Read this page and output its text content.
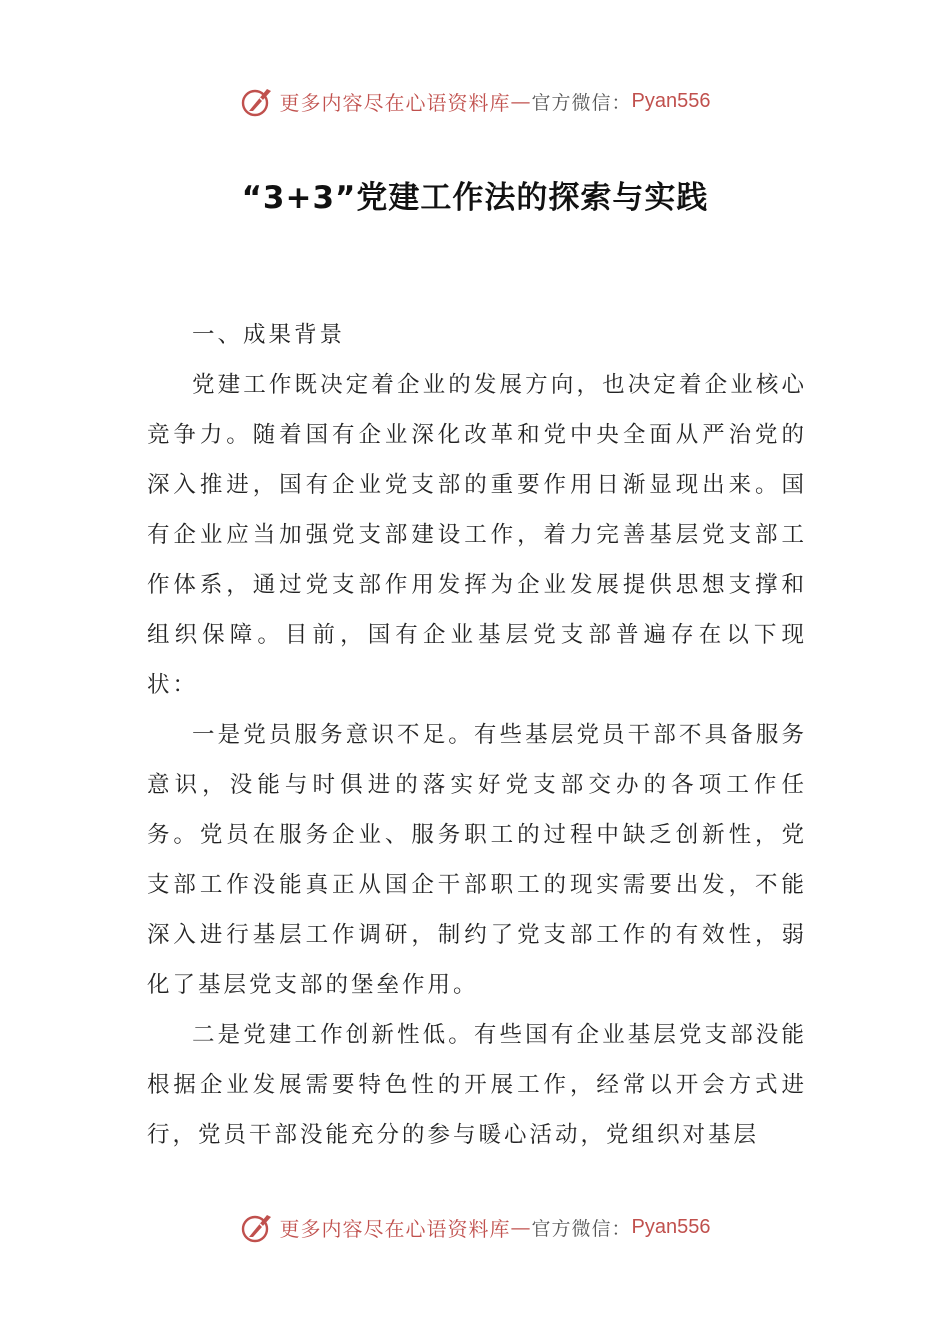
更多内容尽在心语资料库 — 官方微信： Pyan556
“3+3”党建工作法的探索与实践

一、成果背景

党建工作既决定着企业的发展方向，也决定着企业核心竞争力。随着国有企业深化改革和党中央全面从严治党的深入推进，国有企业党支部的重要作用日渐显现出来。国有企业应当加强党支部建设工作，着力完善基层党支部工作体系，通过党支部作用发挥为企业发展提供思想支撑和组织保障。目前，国有企业基层党支部普遍存在以下现状：

一是党员服务意识不足。有些基层党员干部不具备服务意识，没能与时俱进的落实好党支部交办的各项工作任务。党员在服务企业、服务职工的过程中缺乏创新性，党支部工作没能真正从国企干部职工的现实需要出发，不能深入进行基层工作调研，制约了党支部工作的有效性，弱化了基层党支部的堡垒作用。

二是党建工作创新性低。有些国有企业基层党支部没能根据企业发展需要特色性的开展工作，经常以开会方式进行，党员干部没能充分的参与暖心活动，党组织对基层

更多内容尽在心语资料库 — 官方微信： Pyan556
